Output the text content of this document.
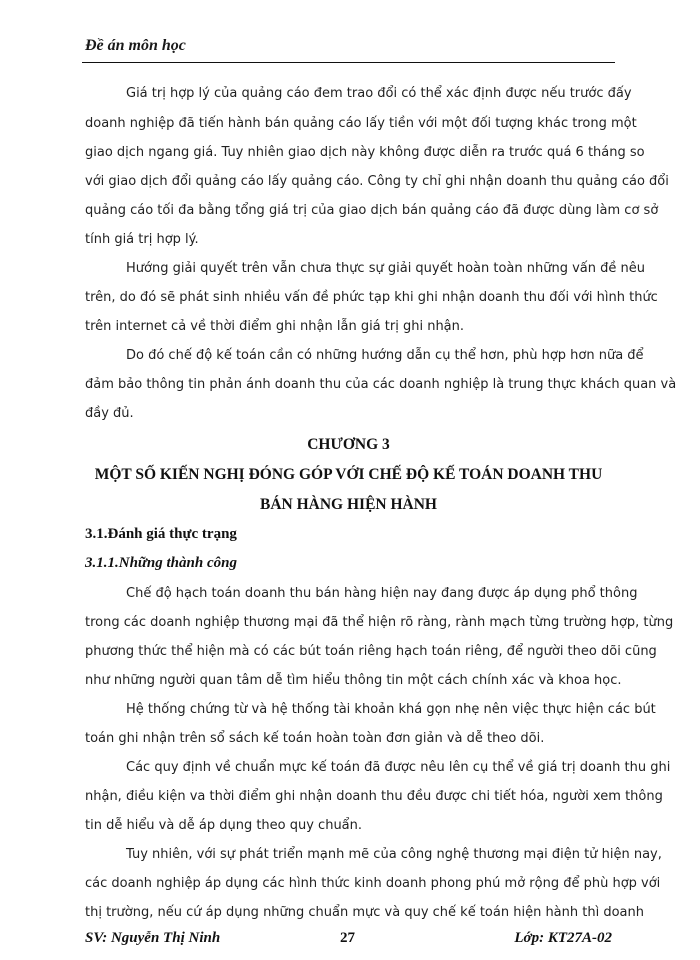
Đề án môn học
Giá trị hợp lý của quảng cáo đem trao đổi có thể xác định được nếu trước đấy
doanh nghiệp đã tiến hành bán quảng cáo lấy tiền với một đối tượng khác trong một
giao dịch ngang giá. Tuy nhiên giao dịch này không được diễn ra trước quá 6 tháng so
với giao dịch đổi quảng cáo lấy quảng cáo. Công ty chỉ ghi nhận doanh thu quảng cáo đổi
quảng cáo tối đa bằng tổng giá trị của giao dịch bán quảng cáo đã được dùng làm cơ sở
tính giá trị hợp lý.
Hướng giải quyết trên vẫn chưa thực sự giải quyết hoàn toàn những vấn đề nêu
trên, do đó sẽ phát sinh nhiều vấn đề phức tạp khi ghi nhận doanh thu đối với hình thức
trên internet cả về thời điểm ghi nhận lẫn giá trị ghi nhận.
Do đó chế độ kế toán cần có những hướng dẫn cụ thể hơn, phù hợp hơn nữa để
đảm bảo thông tin phản ánh doanh thu của các doanh nghiệp là trung thực khách quan và
đầy đủ.
CHƯƠNG 3
MỘT SỐ KIẾN NGHỊ ĐÓNG GÓP VỚI CHẾ ĐỘ KẾ TOÁN DOANH THU
BÁN HÀNG HIỆN HÀNH
3.1.Đánh giá thực trạng
3.1.1.Những thành công
Chế độ hạch toán doanh thu bán hàng hiện nay đang được áp dụng phổ thông
trong các doanh nghiệp thương mại đã thể hiện rõ ràng, rành mạch từng trường hợp, từng
phương thức thể hiện mà có các bút toán riêng hạch toán riêng, để người theo dõi cũng
như những người quan tâm dễ tìm hiểu thông tin một cách chính xác và khoa học.
Hệ thống chứng từ và hệ thống tài khoản khá gọn nhẹ nên việc thực hiện các bút
toán ghi nhận trên sổ sách kế toán hoàn toàn đơn giản và dễ theo dõi.
Các quy định về chuẩn mực kế toán đã được nêu lên cụ thể về giá trị doanh thu ghi
nhận, điều kiện va thời điểm ghi nhận doanh thu đều được chi tiết hóa, người xem thông
tin dễ hiểu và dễ áp dụng theo quy chuẩn.
Tuy nhiên, với sự phát triển mạnh mẽ của công nghệ thương mại điện tử hiện nay,
các doanh nghiệp áp dụng các hình thức kinh doanh phong phú mở rộng để phù hợp với
thị trường, nếu cứ áp dụng những chuẩn mực và quy chế kế toán hiện hành thì doanh
SV: Nguyễn Thị Ninh	27	Lớp: KT27A-02
